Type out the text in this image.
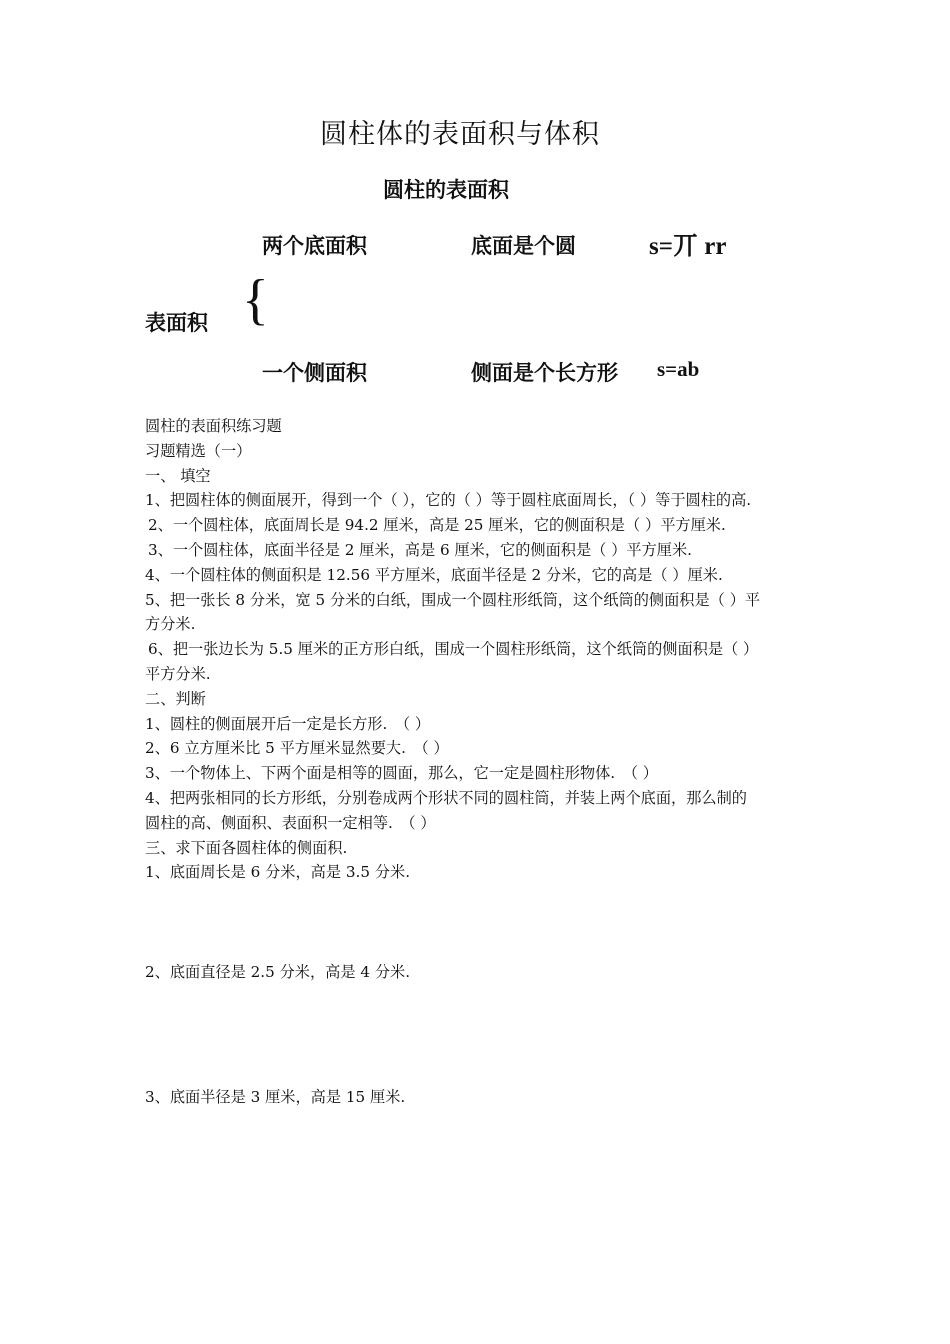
圆柱体的表面积与体积
圆柱的表面积
两个底面积	底面是个圆	s=丌 rr
表面积 {
一个侧面积	侧面是个长方形 s=ab
圆柱的表面积练习题
习题精选（一）
一、 填空
1、把圆柱体的侧面展开，得到一个（ ），它的（ ）等于圆柱底面周长，（ ）等于圆柱的高.
2、一个圆柱体，底面周长是 94.2 厘米，高是 25 厘米，它的侧面积是（ ）平方厘米.
3、一个圆柱体，底面半径是 2 厘米，高是 6 厘米，它的侧面积是（ ）平方厘米.
4、一个圆柱体的侧面积是 12.56 平方厘米，底面半径是 2 分米，它的高是（ ）厘米.
5、把一张长 8 分米，宽 5 分米的白纸，围成一个圆柱形纸筒，这个纸筒的侧面积是（ ）平
方分米.
6、把一张边长为 5.5 厘米的正方形白纸，围成一个圆柱形纸筒，这个纸筒的侧面积是（ ）
平方分米.
二、判断
1、圆柱的侧面展开后一定是长方形.　（ ）
2、6 立方厘米比 5 平方厘米显然要大.　（ ）
3、一个物体上、下两个面是相等的圆面，那么，它一定是圆柱形物体.　（ ）
4、把两张相同的长方形纸，分别卷成两个形状不同的圆柱筒，并装上两个底面，那么制的
圆柱的高、侧面积、表面积一定相等.　（ ）
三、求下面各圆柱体的侧面积.
1、底面周长是 6 分米，高是 3.5 分米.
2、底面直径是 2.5 分米，高是 4 分米.
3、底面半径是 3 厘米，高是 15 厘米.
